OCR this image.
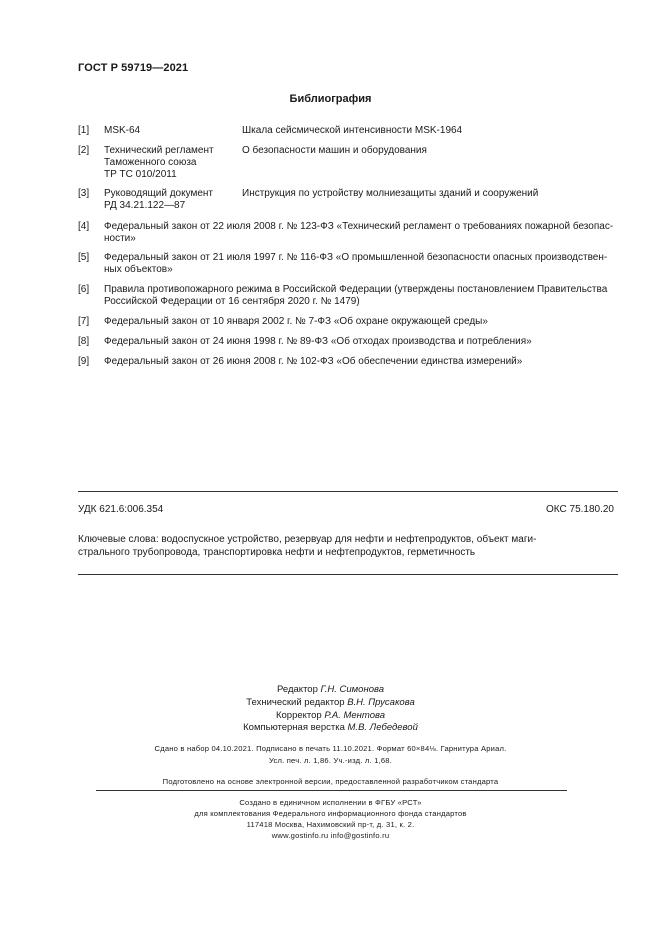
ГОСТ Р 59719—2021
Библиография
[1] MSK-64	Шкала сейсмической интенсивности MSK-1964
[2] Технический регламент
Таможенного союза
ТР ТС 010/2011
О безопасности машин и оборудования
[3] Руководящий документ
РД 34.21.122—87
Инструкция по устройству молниезащиты зданий и сооружений
[4] Федеральный закон от 22 июля 2008 г. № 123-ФЗ «Технический регламент о требованиях пожарной безопас-
ности»
[5] Федеральный закон от 21 июля 1997 г. № 116-ФЗ «О промышленной безопасности опасных производствен-
ных объектов»
[6] Правила противопожарного режима в Российской Федерации (утверждены постановлением Правительства
Российской Федерации от 16 сентября 2020 г. № 1479)
[7] Федеральный закон от 10 января 2002 г. № 7-ФЗ «Об охране окружающей среды»
[8] Федеральный закон от 24 июня 1998 г. № 89-ФЗ «Об отходах производства и потребления»
[9] Федеральный закон от 26 июня 2008 г. № 102-ФЗ «Об обеспечении единства измерений»
УДК 621.6:006.354	ОКС 75.180.20
Ключевые слова: водоспускное устройство, резервуар для нефти и нефтепродуктов, объект маги-
стрального трубопровода, транспортировка нефти и нефтепродуктов, герметичность
Редактор Г.Н. Симонова
Технический редактор В.Н. Прусакова
Корректор Р.А. Ментова
Компьютерная верстка М.В. Лебедевой
Сдано в набор 04.10.2021. Подписано в печать 11.10.2021. Формат 60×84⅛. Гарнитура Ариал.
Усл. печ. л. 1,86. Уч.-изд. л. 1,68.
Подготовлено на основе электронной версии, предоставленной разработчиком стандарта
Создано в единичном исполнении в ФГБУ «РСТ»
для комплектования Федерального информационного фонда стандартов
117418 Москва, Нахимовский пр-т, д. 31, к. 2.
www.gostinfo.ru info@gostinfo.ru
